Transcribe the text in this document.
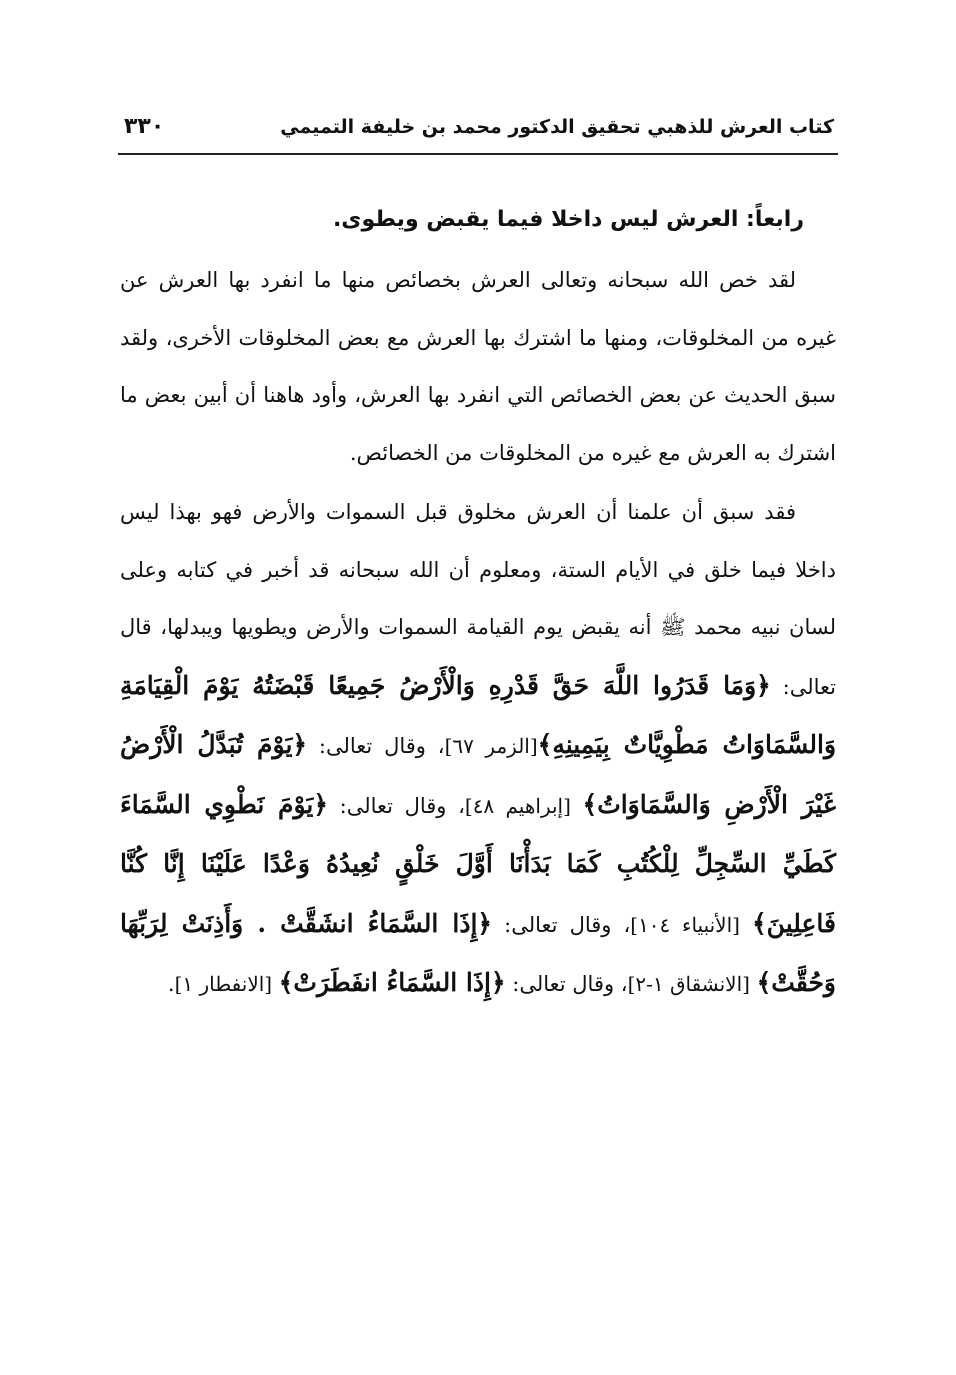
كتاب العرش للذهبي تحقيق الدكتور محمد بن خليفة التميمي
٣٣٠
رابعاً: العرش ليس داخلا فيما يقبض ويطوى.

لقد خص الله سبحانه وتعالى العرش بخصائص منها ما انفرد بها العرش عن غيره من المخلوقات، ومنها ما اشترك بها العرش مع بعض المخلوقات الأخرى، ولقد سبق الحديث عن بعض الخصائص التي انفرد بها العرش، وأود هاهنا أن أبين بعض ما اشترك به العرش مع غيره من المخلوقات من الخصائص.

فقد سبق أن علمنا أن العرش مخلوق قبل السموات والأرض فهو بهذا ليس داخلا فيما خلق في الأيام الستة، ومعلوم أن الله سبحانه قد أخبر في كتابه وعلى لسان نبيه محمد ﷺ أنه يقبض يوم القيامة السموات والأرض ويطويها ويبدلها، قال تعالى: ﴿وَمَا قَدَرُوا اللَّهَ حَقَّ قَدْرِهِ وَالْأَرْضُ جَمِيعًا قَبْضَتُهُ يَوْمَ الْقِيَامَةِ وَالسَّمَاوَاتُ مَطْوِيَّاتٌ بِيَمِينِهِ﴾[الزمر ٦٧]، وقال تعالى: ﴿يَوْمَ تُبَدَّلُ الْأَرْضُ غَيْرَ الْأَرْضِ وَالسَّمَاوَاتُ﴾ [إبراهيم ٤٨]، وقال تعالى: ﴿يَوْمَ نَطْوِي السَّمَاءَ كَطَيِّ السِّجِلِّ لِلْكُتُبِ كَمَا بَدَأْنَا أَوَّلَ خَلْقٍ نُعِيدُهُ وَعْدًا عَلَيْنَا إِنَّا كُنَّا فَاعِلِينَ﴾ [الأنبياء ١٠٤]، وقال تعالى: ﴿إِذَا السَّمَاءُ انشَقَّتْ . وَأَذِنَتْ لِرَبِّهَا وَحُقَّتْ﴾ [الانشقاق ١-٢]، وقال تعالى: ﴿إِذَا السَّمَاءُ انفَطَرَتْ﴾ [الانفطار ١].
